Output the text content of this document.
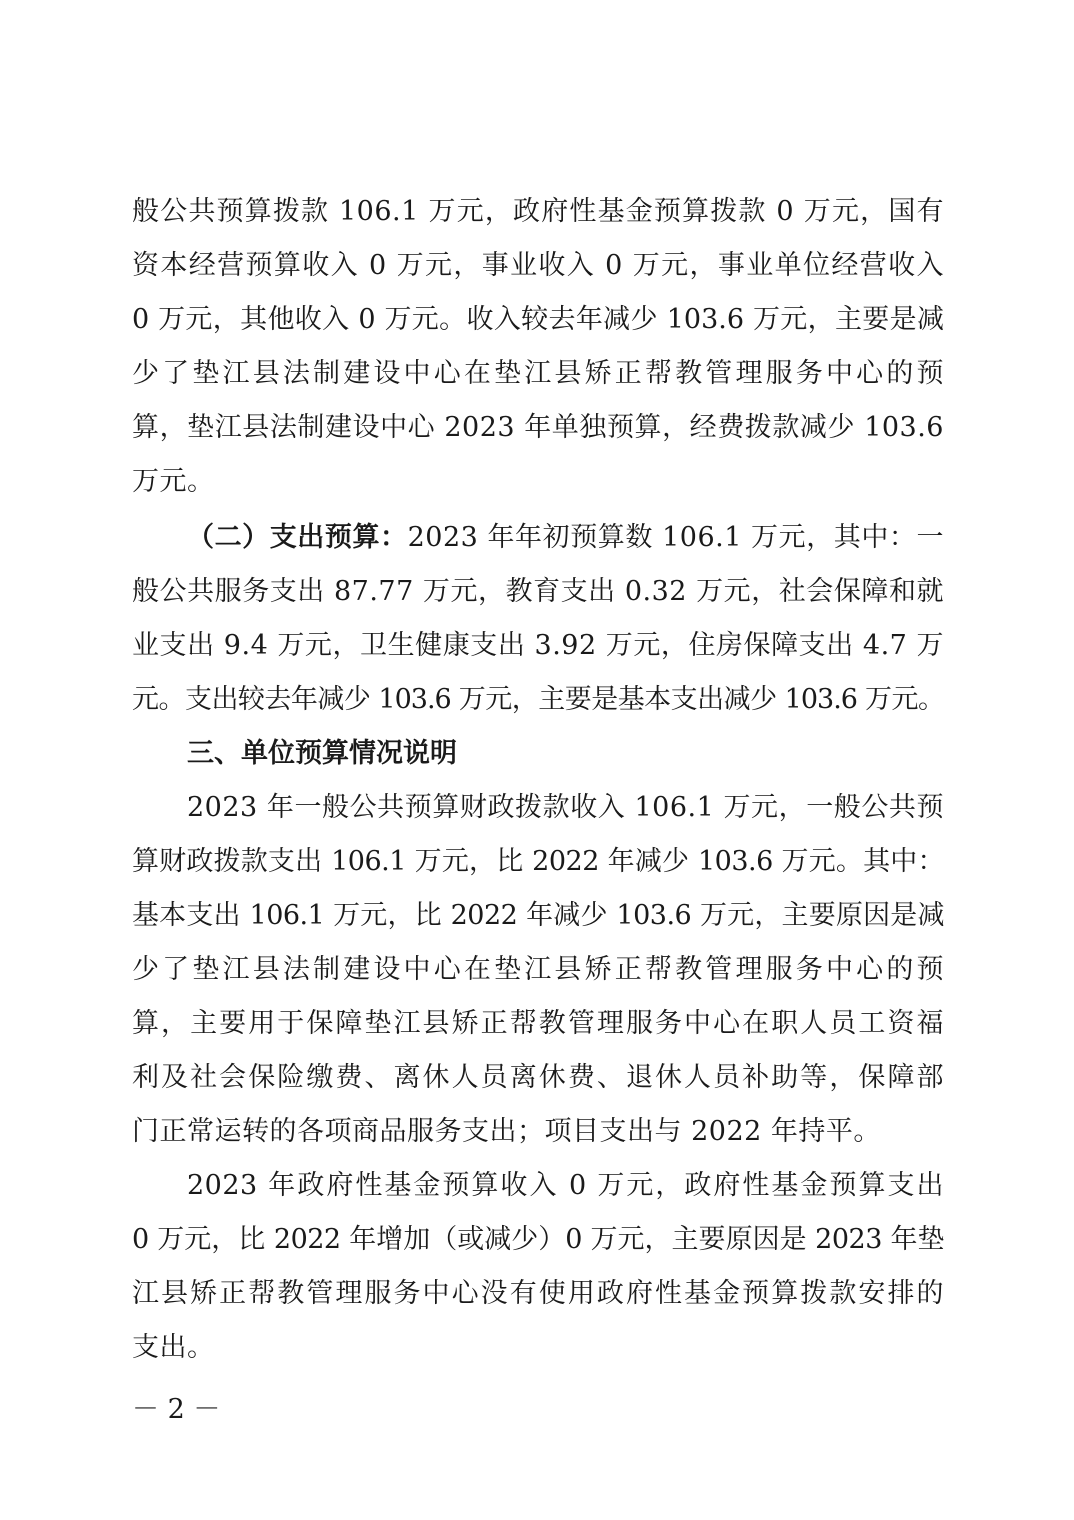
般公共预算拨款 106.1 万元，政府性基金预算拨款 0 万元，国有
资本经营预算收入 0 万元，事业收入 0 万元，事业单位经营收入
0 万元，其他收入 0 万元。收入较去年减少 103.6 万元，主要是减
少了垫江县法制建设中心在垫江县矫正帮教管理服务中心的预
算，垫江县法制建设中心 2023 年单独预算，经费拨款减少 103.6
万元。
（二）支出预算：2023 年年初预算数 106.1 万元，其中：一
般公共服务支出 87.77 万元，教育支出 0.32 万元，社会保障和就
业支出 9.4 万元，卫生健康支出 3.92 万元，住房保障支出 4.7 万
元。支出较去年减少 103.6 万元，主要是基本支出减少 103.6 万元。
三、单位预算情况说明
2023 年一般公共预算财政拨款收入 106.1 万元，一般公共预
算财政拨款支出 106.1 万元，比 2022 年减少 103.6 万元。其中：
基本支出 106.1 万元，比 2022 年减少 103.6 万元，主要原因是减
少了垫江县法制建设中心在垫江县矫正帮教管理服务中心的预
算，主要用于保障垫江县矫正帮教管理服务中心在职人员工资福
利及社会保险缴费、离休人员离休费、退休人员补助等，保障部
门正常运转的各项商品服务支出；项目支出与 2022 年持平。
2023 年政府性基金预算收入 0 万元，政府性基金预算支出
0 万元，比 2022 年增加（或减少）0 万元，主要原因是 2023 年垫
江县矫正帮教管理服务中心没有使用政府性基金预算拨款安排的
支出。
－ 2 －
